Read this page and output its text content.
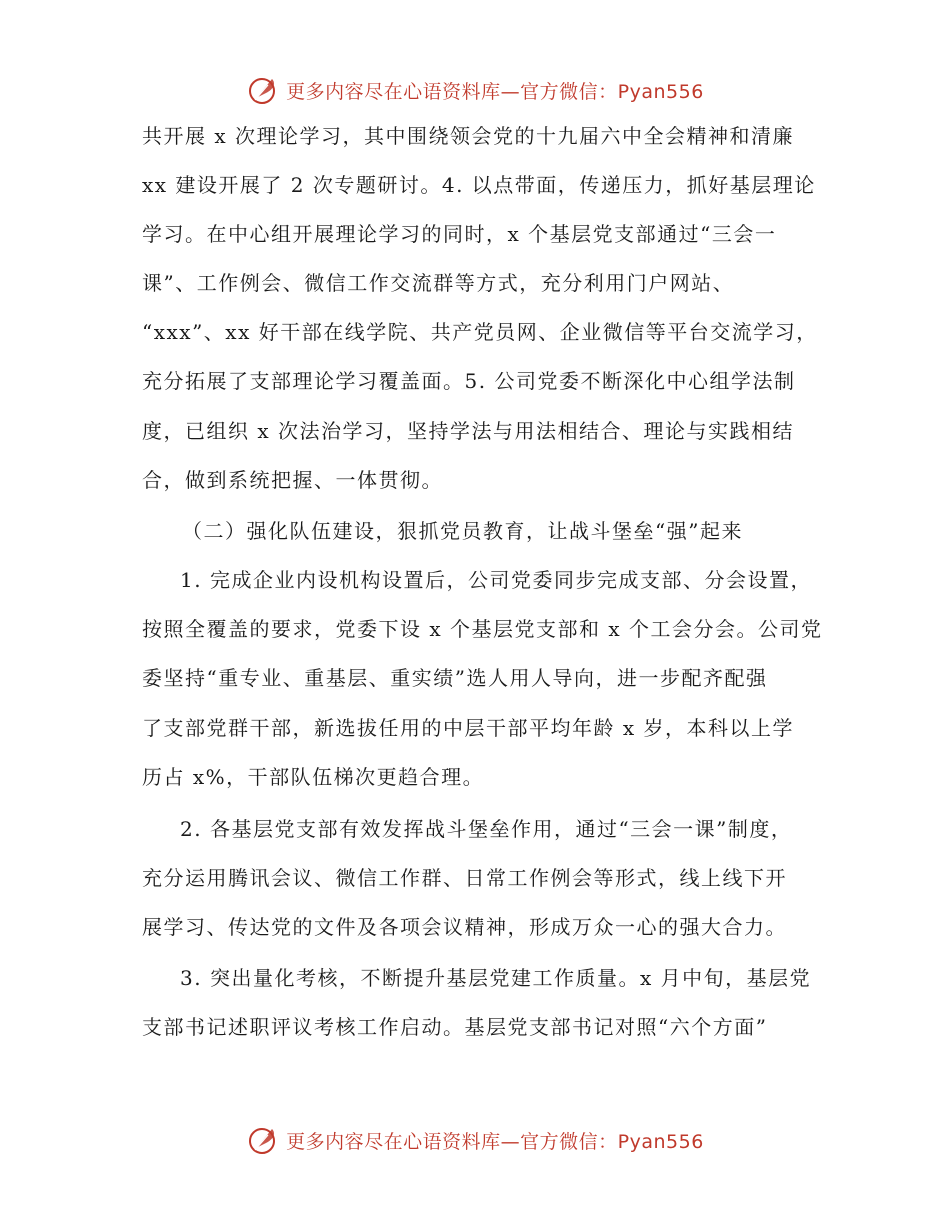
更多内容尽在心语资料库—官方微信：Pyan556
共开展 x 次理论学习，其中围绕领会党的十九届六中全会精神和清廉
xx 建设开展了 2 次专题研讨。4. 以点带面，传递压力，抓好基层理论
学习。在中心组开展理论学习的同时，x 个基层党支部通过“三会一
课”、工作例会、微信工作交流群等方式，充分利用门户网站、
“xxx”、xx 好干部在线学院、共产党员网、企业微信等平台交流学习，
充分拓展了支部理论学习覆盖面。5. 公司党委不断深化中心组学法制
度，已组织 x 次法治学习，坚持学法与用法相结合、理论与实践相结
合，做到系统把握、一体贯彻。
（二）强化队伍建设，狠抓党员教育，让战斗堡垒“强”起来
1. 完成企业内设机构设置后，公司党委同步完成支部、分会设置，
按照全覆盖的要求，党委下设 x 个基层党支部和 x 个工会分会。公司党
委坚持“重专业、重基层、重实绩”选人用人导向，进一步配齐配强
了支部党群干部，新选拔任用的中层干部平均年龄 x 岁，本科以上学
历占 x%，干部队伍梯次更趋合理。
2. 各基层党支部有效发挥战斗堡垒作用，通过“三会一课”制度，
充分运用腾讯会议、微信工作群、日常工作例会等形式，线上线下开
展学习、传达党的文件及各项会议精神，形成万众一心的强大合力。
3. 突出量化考核，不断提升基层党建工作质量。x 月中旬，基层党
支部书记述职评议考核工作启动。基层党支部书记对照“六个方面”
更多内容尽在心语资料库—官方微信：Pyan556
